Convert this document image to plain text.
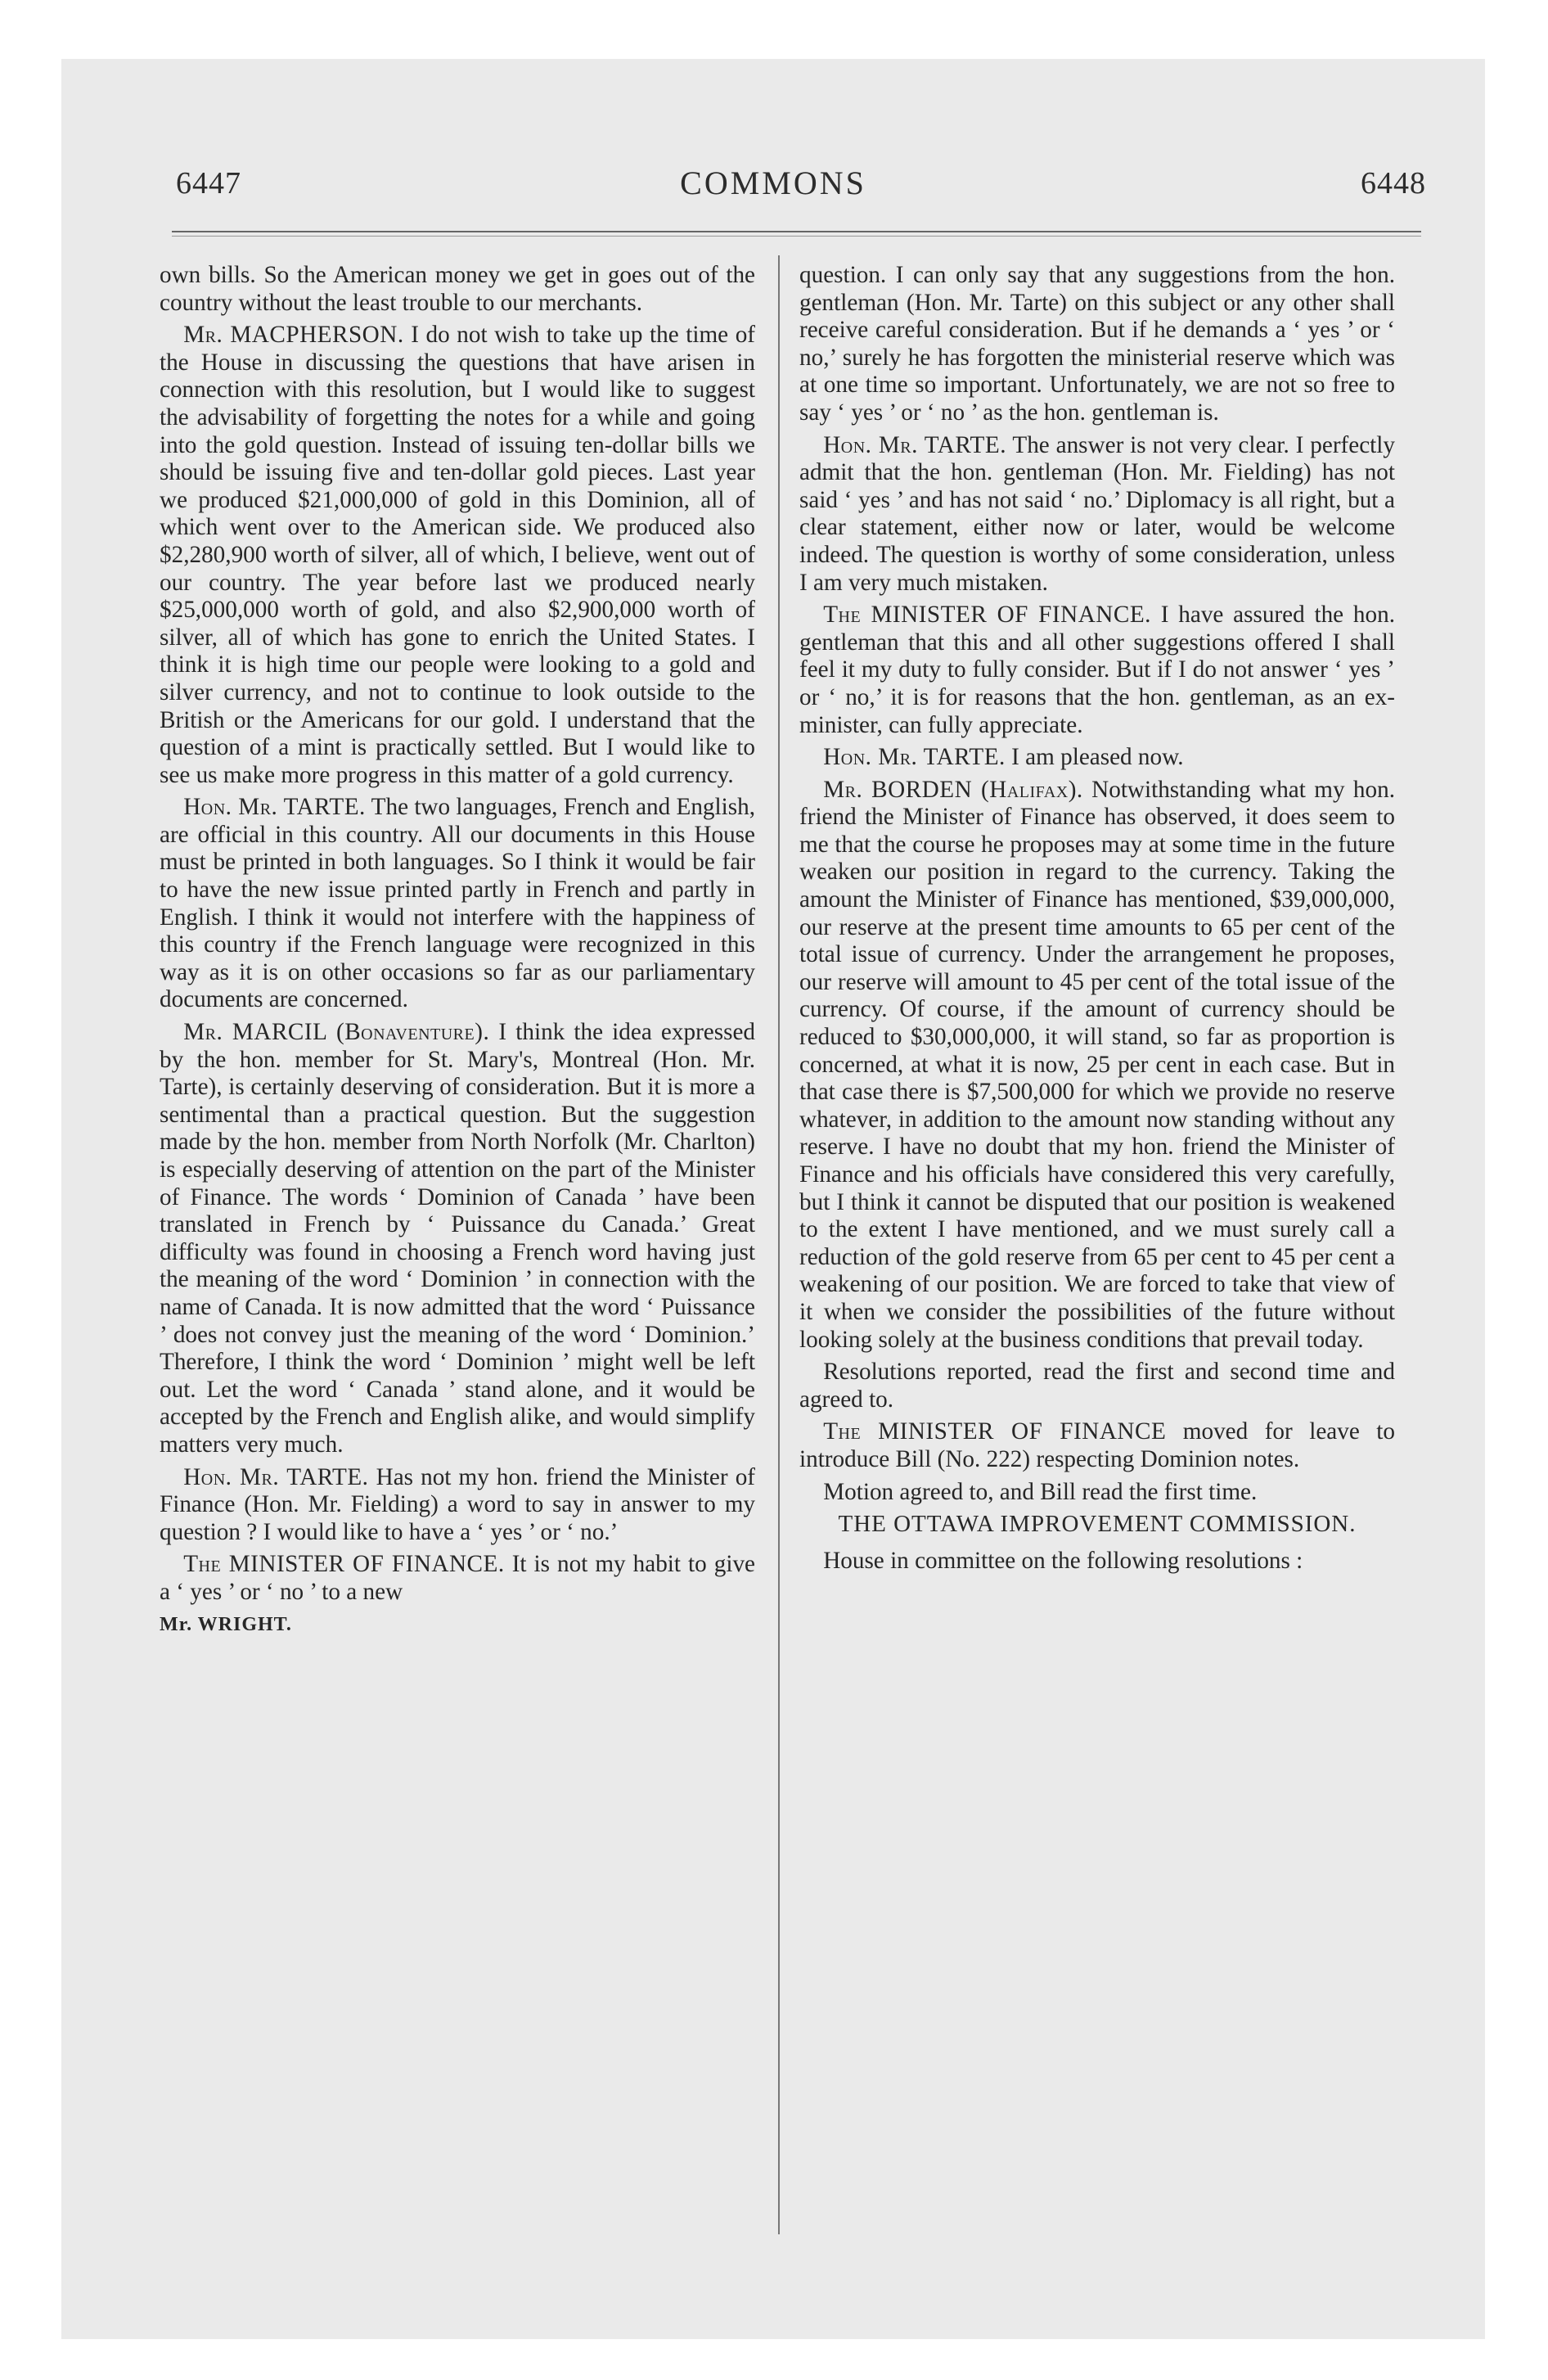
6447	COMMONS	6448

own bills. So the American money we get in goes out of the country without the least trouble to our merchants.

 Mr. MACPHERSON. I do not wish to take up the time of the House in discussing the questions that have arisen in connection with this resolution, but I would like to suggest the advisability of forgetting the notes for a while and going into the gold question. Instead of issuing ten-dollar bills we should be issuing five and ten-dollar gold pieces. Last year we produced $21,000,000 of gold in this Dominion, all of which went over to the American side. We produced also $2,280,900 worth of silver, all of which, I believe, went out of our country. The year before last we produced nearly $25,000,000 worth of gold, and also $2,900,000 worth of silver, all of which has gone to enrich the United States. I think it is high time our people were looking to a gold and silver currency, and not to continue to look outside to the British or the Americans for our gold. I understand that the question of a mint is practically settled. But I would like to see us make more progress in this matter of a gold currency.

 Hon. Mr. TARTE. The two languages, French and English, are official in this country. All our documents in this House must be printed in both languages. So I think it would be fair to have the new issue printed partly in French and partly in English. I think it would not interfere with the happiness of this country if the French language were recognized in this way as it is on other occasions so far as our parliamentary documents are concerned.

 Mr. MARCIL (Bonaventure). I think the idea expressed by the hon. member for St. Mary's, Montreal (Hon. Mr. Tarte), is certainly deserving of consideration. But it is more a sentimental than a practical question. But the suggestion made by the hon. member from North Norfolk (Mr. Charlton) is especially deserving of attention on the part of the Minister of Finance. The words ‘ Dominion of Canada ’ have been translated in French by ‘ Puissance du Canada.’ Great difficulty was found in choosing a French word having just the meaning of the word ‘ Dominion ’ in connection with the name of Canada. It is now admitted that the word ‘ Puissance ’ does not convey just the meaning of the word ‘ Dominion.’ Therefore, I think the word ‘ Dominion ’ might well be left out. Let the word ‘ Canada ’ stand alone, and it would be accepted by the French and English alike, and would simplify matters very much.

 Hon. Mr. TARTE. Has not my hon. friend the Minister of Finance (Hon. Mr. Fielding) a word to say in answer to my question ? I would like to have a ‘ yes ’ or ‘ no.’

 The MINISTER OF FINANCE. It is not my habit to give a ‘ yes ’ or ‘ no ’ to a new

Mr. WRIGHT.

question. I can only say that any suggestions from the hon. gentleman (Hon. Mr. Tarte) on this subject or any other shall receive careful consideration. But if he demands a ‘ yes ’ or ‘ no,’ surely he has forgotten the ministerial reserve which was at one time so important. Unfortunately, we are not so free to say ‘ yes ’ or ‘ no ’ as the hon. gentleman is.

 Hon. Mr. TARTE. The answer is not very clear. I perfectly admit that the hon. gentleman (Hon. Mr. Fielding) has not said ‘ yes ’ and has not said ‘ no.’ Diplomacy is all right, but a clear statement, either now or later, would be welcome indeed. The question is worthy of some consideration, unless I am very much mistaken.

 The MINISTER OF FINANCE. I have assured the hon. gentleman that this and all other suggestions offered I shall feel it my duty to fully consider. But if I do not answer ‘ yes ’ or ‘ no,’ it is for reasons that the hon. gentleman, as an ex-minister, can fully appreciate.

 Hon. Mr. TARTE. I am pleased now.

 Mr. BORDEN (Halifax). Notwithstanding what my hon. friend the Minister of Finance has observed, it does seem to me that the course he proposes may at some time in the future weaken our position in regard to the currency. Taking the amount the Minister of Finance has mentioned, $39,000,000, our reserve at the present time amounts to 65 per cent of the total issue of currency. Under the arrangement he proposes, our reserve will amount to 45 per cent of the total issue of the currency. Of course, if the amount of currency should be reduced to $30,000,000, it will stand, so far as proportion is concerned, at what it is now, 25 per cent in each case. But in that case there is $7,500,000 for which we provide no reserve whatever, in addition to the amount now standing without any reserve. I have no doubt that my hon. friend the Minister of Finance and his officials have considered this very carefully, but I think it cannot be disputed that our position is weakened to the extent I have mentioned, and we must surely call a reduction of the gold reserve from 65 per cent to 45 per cent a weakening of our position. We are forced to take that view of it when we consider the possibilities of the future without looking solely at the business conditions that prevail today.

 Resolutions reported, read the first and second time and agreed to.

 The MINISTER OF FINANCE moved for leave to introduce Bill (No. 222) respecting Dominion notes.

 Motion agreed to, and Bill read the first time.

THE OTTAWA IMPROVEMENT COMMISSION.

 House in committee on the following resolutions :
